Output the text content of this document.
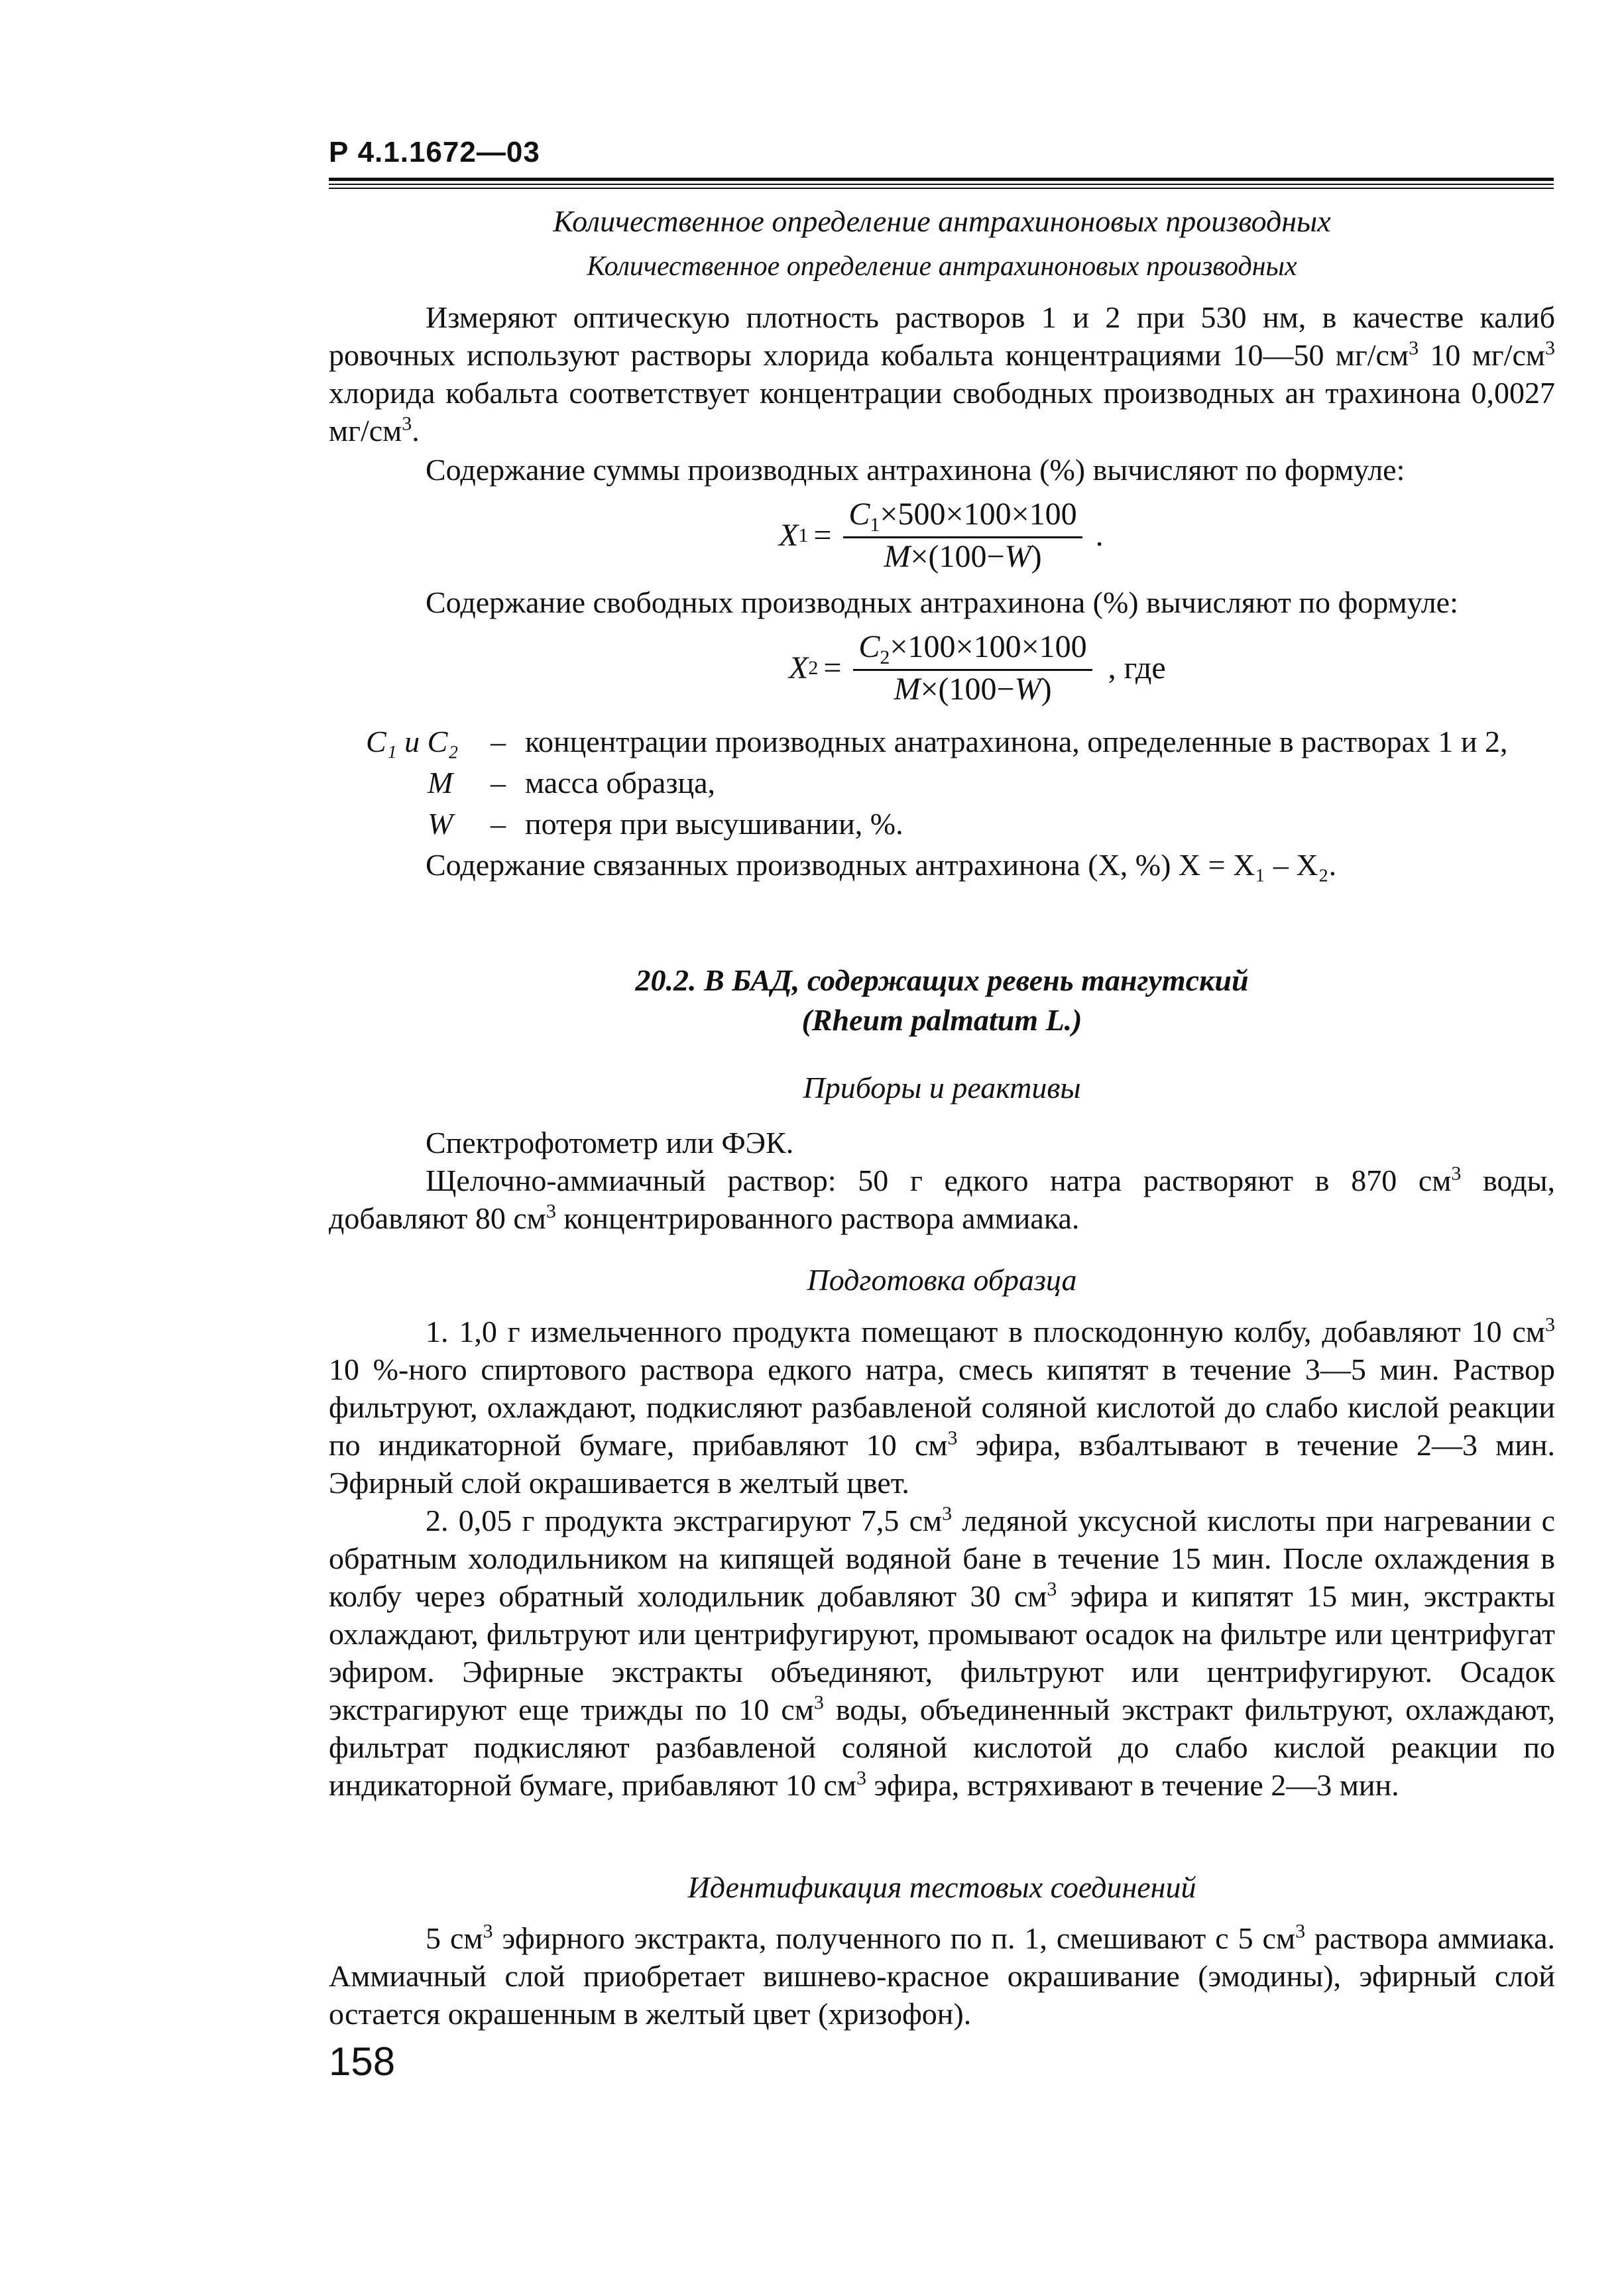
Р 4.1.1672—03
Количественное определение антрахиноновых производных
Количественное определение антрахиноновых производных
Измеряют оптическую плотность растворов 1 и 2 при 530 нм, в качестве калиб ровочных используют растворы хлорида кобальта концентрациями 10—50 $мг/см^3$ 10 $мг/см^3$ хлорида кобальта соответствует концентрации свободных производных ан трахинона 0,0027 $мг/см^3$.
Содержание суммы производных антрахинона (%) вычисляют по формуле:
X $1 = \frac{C_1\times 500\times 100\times 100}{M\times(100-W)}$ .
Содержание свободных производных антрахинона (%) вычисляют по формуле:
X $2 = \frac{C_2\times 100\times 100\times 100}{M\times(100-W)}$ , где
C₁ и C₂ – концентрации производных анатрахинона, определенные в растворах 1 и 2,
M – масса образца,
W – потеря при высушивании, %.
Содержание связанных производных антрахинона (X, %) X = X₁ – X₂.
20.2. В БАД, содержащих ревень тангутский
(Rheum palmatum L.)
Приборы и реактивы
Спектрофотометр или ФЭК.
Щелочно-аммиачный раствор: 50 г едкого натра растворяют в 870 $см^3$ воды, добавляют 80 $см^3$ концентрированного раствора аммиака.
Подготовка образца
1. 1,0 г измельченного продукта помещают в плоскодонную колбу, добавляют 10 $см^3$ 10 %-ного спиртового раствора едкого натра, смесь кипятят в течение 3—5 мин. Раствор фильтруют, охлаждают, подкисляют разбавленой соляной кислотой до слабо кислой реакции по индикаторной бумаге, прибавляют 10 $см^3$ эфира, взбалтывают в течение 2—3 мин. Эфирный слой окрашивается в желтый цвет.
2. 0,05 г продукта экстрагируют 7,5 $см^3$ ледяной уксусной кислоты при нагревании с обратным холодильником на кипящей водяной бане в течение 15 мин. После охлаждения в колбу через обратный холодильник добавляют 30 $см^3$ эфира и кипятят 15 мин, экстракты охлаждают, фильтруют или центрифугируют, промывают осадок на фильтре или центрифугат эфиром. Эфирные экстракты объединяют, фильтруют или центрифугируют. Осадок экстрагируют еще трижды по 10 $см^3$ воды, объединенный экстракт фильтруют, охлаждают, фильтрат подкисляют разбавленой соляной кислотой до слабо кислой реакции по индикаторной бумаге, прибавляют 10 $см^3$ эфира, встряхивают в течение 2—3 мин.
Идентификация тестовых соединений
5 $см^3$ эфирного экстракта, полученного по п. 1, смешивают с 5 $см^3$ раствора аммиака. Аммиачный слой приобретает вишнево-красное окрашивание (эмодины), эфирный слой остается окрашенным в желтый цвет (хризофон).
158
